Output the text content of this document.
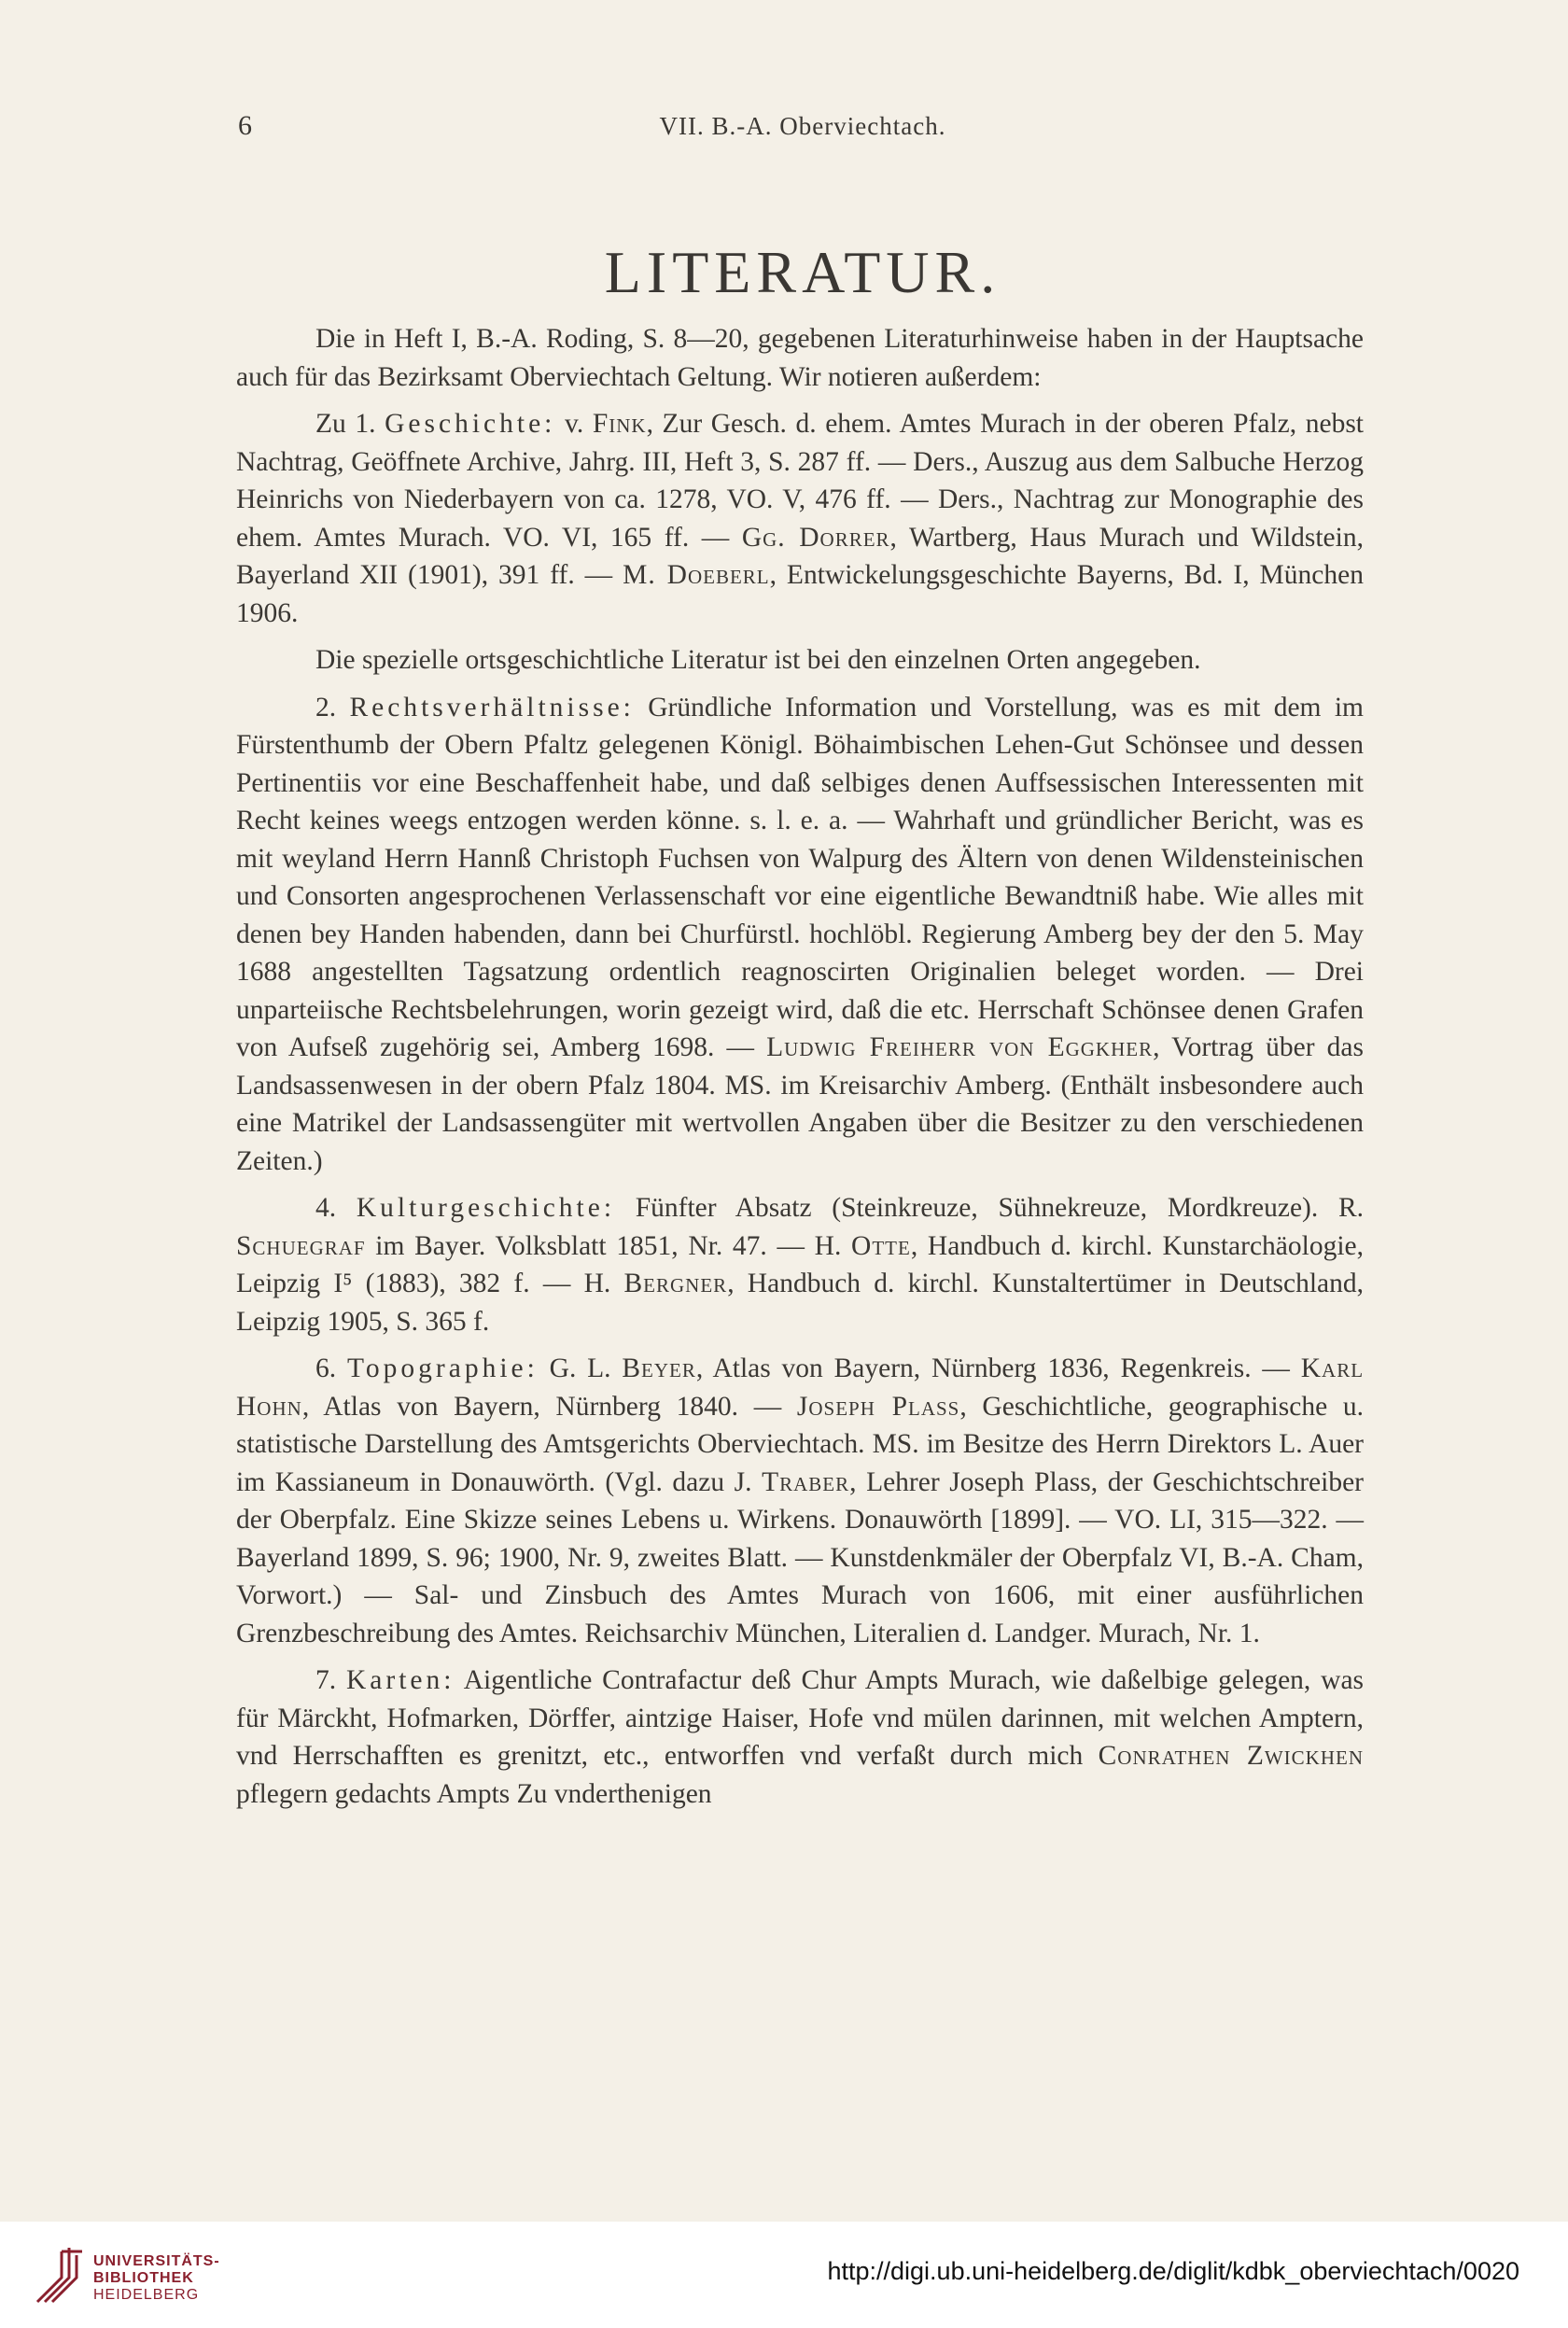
6	VII. B.-A. Oberviechtach.
LITERATUR.

Die in Heft I, B.-A. Roding, S. 8—20, gegebenen Literaturhinweise haben in der Hauptsache auch für das Bezirksamt Oberviechtach Geltung. Wir notieren außerdem:

Zu 1. Geschichte: v. Fink, Zur Gesch. d. ehem. Amtes Murach in der oberen Pfalz, nebst Nachtrag, Geöffnete Archive, Jahrg. III, Heft 3, S. 287 ff. — Ders., Auszug aus dem Salbuche Herzog Heinrichs von Niederbayern von ca. 1278, VO. V, 476 ff. — Ders., Nachtrag zur Monographie des ehem. Amtes Murach. VO. VI, 165 ff. — Gg. Dorrer, Wartberg, Haus Murach und Wildstein, Bayerland XII (1901), 391 ff. — M. Doeberl, Entwickelungsgeschichte Bayerns, Bd. I, München 1906.

Die spezielle ortsgeschichtliche Literatur ist bei den einzelnen Orten angegeben.

2. Rechtsverhältnisse: Gründliche Information und Vorstellung, was es mit dem im Fürstenthumb der Obern Pfaltz gelegenen Königl. Böhaimbischen Lehen-Gut Schönsee und dessen Pertinentiis vor eine Beschaffenheit habe, und daß selbiges denen Auffsessischen Interessenten mit Recht keines weegs entzogen werden könne. s. l. e. a. — Wahrhaft und gründlicher Bericht, was es mit weyland Herrn Hannß Christoph Fuchsen von Walpurg des Ältern von denen Wildensteinischen und Consorten angesprochenen Verlassenschaft vor eine eigentliche Bewandtniß habe. Wie alles mit denen bey Handen habenden, dann bei Churfürstl. hochlöbl. Regierung Amberg bey der den 5. May 1688 angestellten Tagsatzung ordentlich reagnoscirten Originalien beleget worden. — Drei unparteiische Rechtsbelehrungen, worin gezeigt wird, daß die etc. Herrschaft Schönsee denen Grafen von Aufseß zugehörig sei, Amberg 1698. — Ludwig Freiherr von Eggkher, Vortrag über das Landsassenwesen in der obern Pfalz 1804. MS. im Kreisarchiv Amberg. (Enthält insbesondere auch eine Matrikel der Landsassengüter mit wertvollen Angaben über die Besitzer zu den verschiedenen Zeiten.)

4. Kulturgeschichte: Fünfter Absatz (Steinkreuze, Sühnekreuze, Mordkreuze). R. Schuegraf im Bayer. Volksblatt 1851, Nr. 47. — H. Otte, Handbuch d. kirchl. Kunstarchäologie, Leipzig I⁵ (1883), 382 f. — H. Bergner, Handbuch d. kirchl. Kunstaltertümer in Deutschland, Leipzig 1905, S. 365 f.

6. Topographie: G. L. Beyer, Atlas von Bayern, Nürnberg 1836, Regenkreis. — Karl Hohn, Atlas von Bayern, Nürnberg 1840. — Joseph Plass, Geschichtliche, geographische u. statistische Darstellung des Amtsgerichts Oberviechtach. MS. im Besitze des Herrn Direktors L. Auer im Kassianeum in Donauwörth. (Vgl. dazu J. Traber, Lehrer Joseph Plass, der Geschichtschreiber der Oberpfalz. Eine Skizze seines Lebens u. Wirkens. Donauwörth [1899]. — VO. LI, 315—322. — Bayerland 1899, S. 96; 1900, Nr. 9, zweites Blatt. — Kunstdenkmäler der Oberpfalz VI, B.-A. Cham, Vorwort.) — Sal- und Zinsbuch des Amtes Murach von 1606, mit einer ausführlichen Grenzbeschreibung des Amtes. Reichsarchiv München, Literalien d. Landger. Murach, Nr. 1.

7. Karten: Aigentliche Contrafactur deß Chur Ampts Murach, wie daßelbige gelegen, was für Märckht, Hofmarken, Dörffer, aintzige Haiser, Hofe vnd mülen darinnen, mit welchen Amptern, vnd Herrschafften es grenitzt, etc., entworffen vnd verfaßt durch mich Conrathen Zwickhen pflegern gedachts Ampts Zu vnderthenigen

UNIVERSITÄTS-
BIBLIOTHEK
HEIDELBERG
http://digi.ub.uni-heidelberg.de/diglit/kdbk_oberviechtach/0020
